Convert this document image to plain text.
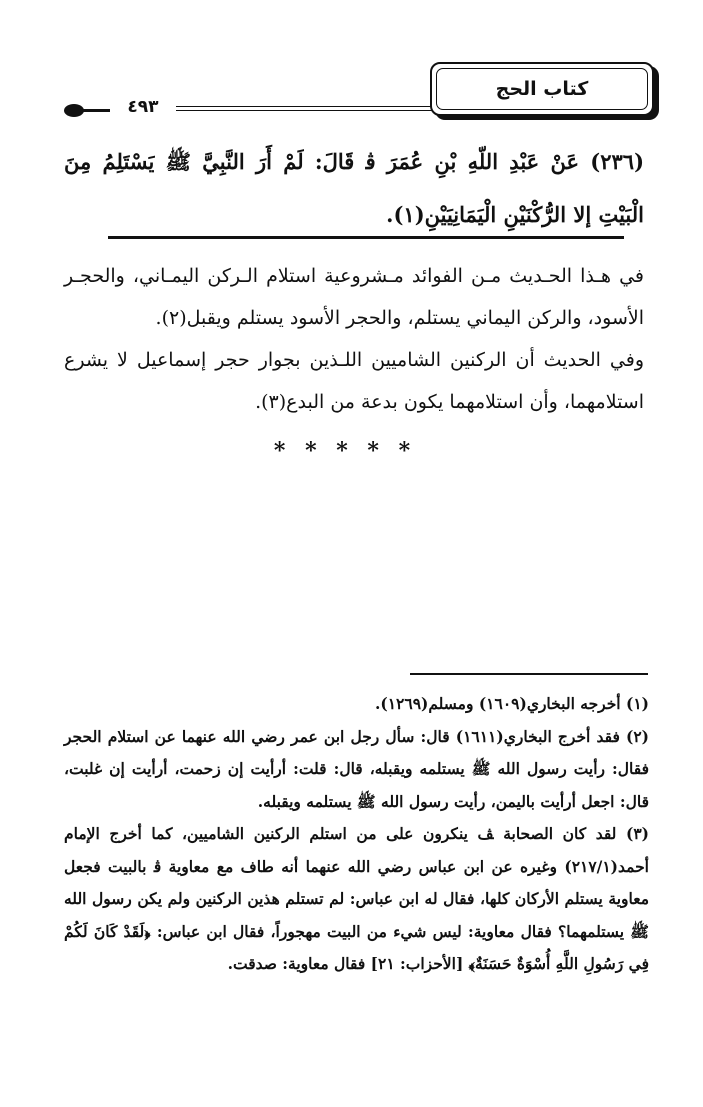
كتاب الحج
٤٩٣
(٢٣٦) عَنْ عَبْدِ اللّهِ بْنِ عُمَرَ ﭬ قَالَ: لَمْ أَرَ النَّبِيَّ ﷺ يَسْتَلِمُ مِنَ الْبَيْتِ إلا الرُّكْنَيْنِ الْيَمَانِيَيْنِ(١).

في هـذا الحـديث مـن الفوائد مـشروعية استلام الـركن اليمـاني، والحجـر الأسود، والركن اليماني يستلم، والحجر الأسود يستلم ويقبل(٢).

وفي الحديث أن الركنين الشاميين اللـذين بجوار حجر إسماعيل لا يشرع استلامهما، وأن استلامهما يكون بدعة من البدع(٣).

* * * * *

(١) أخرجه البخاري(١٦٠٩) ومسلم(١٢٦٩).

(٢) فقد أخرج البخاري(١٦١١) قال: سأل رجل ابن عمر رضي الله عنهما عن استلام الحجر فقال: رأيت رسول الله ﷺ يستلمه ويقبله، قال: قلت: أرأيت إن زحمت، أرأيت إن غلبت، قال: اجعل أرأيت باليمن، رأيت رسول الله ﷺ يستلمه ويقبله.

(٣) لقد كان الصحابة ﭫ ينكرون على من استلم الركنين الشاميين، كما أخرج الإمام أحمد(٢١٧/١) وغيره عن ابن عباس رضي الله عنهما أنه طاف مع معاوية ﭬ بالبيت فجعل معاوية يستلم الأركان كلها، فقال له ابن عباس: لم تستلم هذين الركنين ولم يكن رسول الله ﷺ يستلمهما؟ فقال معاوية: ليس شيء من البيت مهجوراً، فقال ابن عباس: ﴿لَقَدْ كَانَ لَكُمْ فِي رَسُولِ اللَّهِ أُسْوَةٌ حَسَنَةٌ﴾ [الأحزاب: ٢١] فقال معاوية: صدقت.
